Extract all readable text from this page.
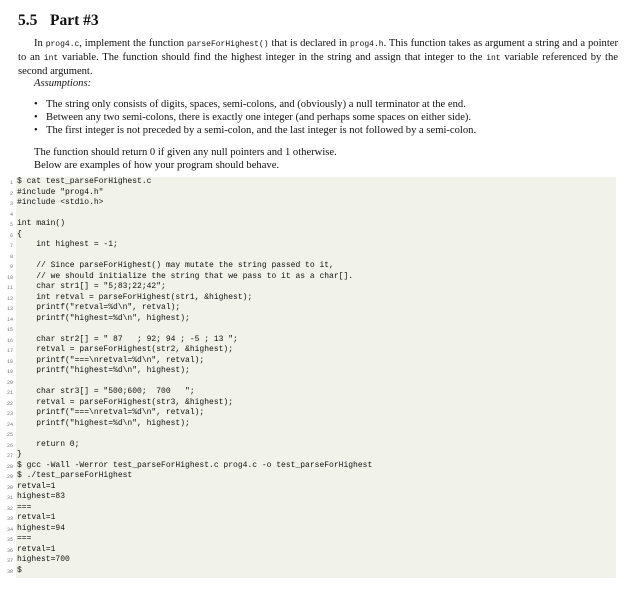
5.5 Part #3
In prog4.c, implement the function parseForHighest() that is declared in prog4.h. This function takes as argument a string and a pointer to an int variable. The function should find the highest integer in the string and assign that integer to the int variable referenced by the second argument.
Assumptions:
• The string only consists of digits, spaces, semi-colons, and (obviously) a null terminator at the end.
• Between any two semi-colons, there is exactly one integer (and perhaps some spaces on either side).
• The first integer is not preceded by a semi-colon, and the last integer is not followed by a semi-colon.
The function should return 0 if given any null pointers and 1 otherwise.
Below are examples of how your program should behave.
1 $ cat test_parseForHighest.c
2 #include "prog4.h"
3 #include <stdio.h>
4
5 int main()
6 {
7 int highest = -1;
8
9 // Since parseForHighest() may mutate the string passed to it,
10 // we should initialize the string that we pass to it as a char[].
11 char str1[] = "5;83;22;42";
12 int retval = parseForHighest(str1, &highest);
13 printf("retval=%d\n", retval);
14 printf("highest=%d\n", highest);
15
16 char str2[] = " 87   ; 92; 94 ; -5 ; 13 ";
17 retval = parseForHighest(str2, &highest);
18 printf("===\nretval=%d\n", retval);
19 printf("highest=%d\n", highest);
20
21 char str3[] = "500;600;  700   ";
22 retval = parseForHighest(str3, &highest);
23 printf("===\nretval=%d\n", retval);
24 printf("highest=%d\n", highest);
25
26 return 0;
27 }
28 $ gcc -Wall -Werror test_parseForHighest.c prog4.c -o test_parseForHighest
29 $ ./test_parseForHighest
30 retval=1
31 highest=83
32 ===
33 retval=1
34 highest=94
35 ===
36 retval=1
37 highest=700
38 $
